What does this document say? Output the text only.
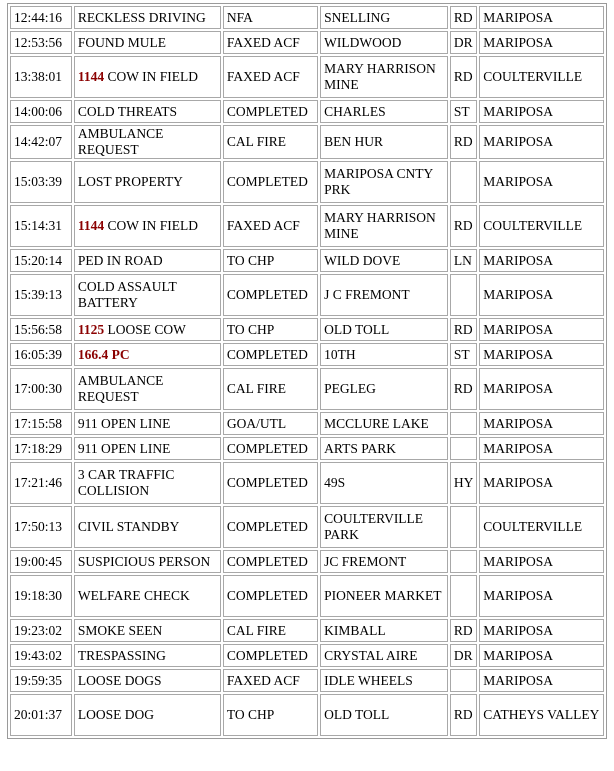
12:44:16	RECKLESS DRIVING	NFA	SNELLING	RD	MARIPOSA
12:53:56	FOUND MULE	FAXED ACF	WILDWOOD	DR	MARIPOSA
13:38:01	1144 COW IN FIELD	FAXED ACF	MARY HARRISON MINE	RD	COULTERVILLE
14:00:06	COLD THREATS	COMPLETED	CHARLES	ST	MARIPOSA
14:42:07	AMBULANCE REQUEST	CAL FIRE	BEN HUR	RD	MARIPOSA
15:03:39	LOST PROPERTY	COMPLETED	MARIPOSA CNTY PRK		MARIPOSA
15:14:31	1144 COW IN FIELD	FAXED ACF	MARY HARRISON MINE	RD	COULTERVILLE
15:20:14	PED IN ROAD	TO CHP	WILD DOVE	LN	MARIPOSA
15:39:13	COLD ASSAULT BATTERY	COMPLETED	J C FREMONT		MARIPOSA
15:56:58	1125 LOOSE COW	TO CHP	OLD TOLL	RD	MARIPOSA
16:05:39	166.4 PC	COMPLETED	10TH	ST	MARIPOSA
17:00:30	AMBULANCE REQUEST	CAL FIRE	PEGLEG	RD	MARIPOSA
17:15:58	911 OPEN LINE	GOA/UTL	MCCLURE LAKE		MARIPOSA
17:18:29	911 OPEN LINE	COMPLETED	ARTS PARK		MARIPOSA
17:21:46	3 CAR TRAFFIC COLLISION	COMPLETED	49S	HY	MARIPOSA
17:50:13	CIVIL STANDBY	COMPLETED	COULTERVILLE PARK		COULTERVILLE
19:00:45	SUSPICIOUS PERSON	COMPLETED	JC FREMONT		MARIPOSA
19:18:30	WELFARE CHECK	COMPLETED	PIONEER MARKET		MARIPOSA
19:23:02	SMOKE SEEN	CAL FIRE	KIMBALL	RD	MARIPOSA
19:43:02	TRESPASSING	COMPLETED	CRYSTAL AIRE	DR	MARIPOSA
19:59:35	LOOSE DOGS	FAXED ACF	IDLE WHEELS		MARIPOSA
20:01:37	LOOSE DOG	TO CHP	OLD TOLL	RD	CATHEYS VALLEY
